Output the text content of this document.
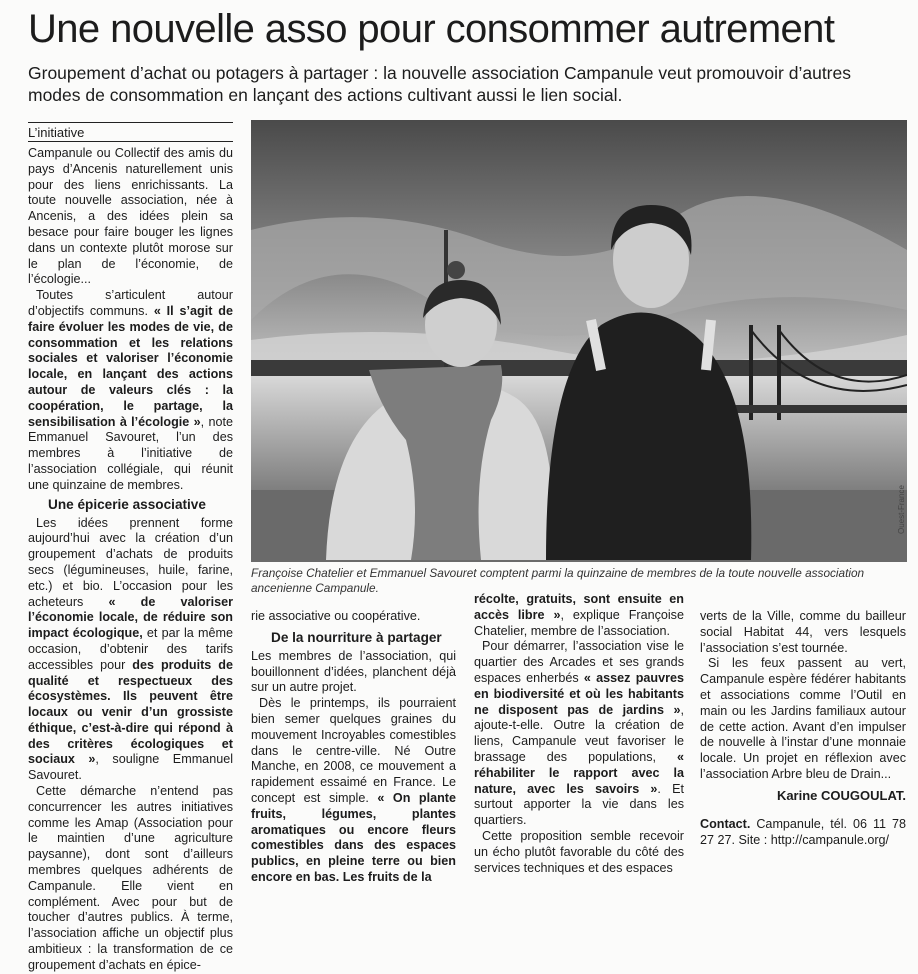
Une nouvelle asso pour consommer autrement

Groupement d’achat ou potagers à partager : la nouvelle association Campanule veut promouvoir d’autres modes de consommation en lançant des actions cultivant aussi le lien social.

L’initiative

Campanule ou Collectif des amis du pays d’Ancenis naturellement unis pour des liens enrichissants. La toute nouvelle association, née à Ancenis, a des idées plein sa besace pour faire bouger les lignes dans un contexte plutôt morose sur le plan de l’économie, de l’écologie...

Toutes s’articulent autour d’objectifs communs. « Il s’agit de faire évoluer les modes de vie, de consommation et les relations sociales et valoriser l’économie locale, en lançant des actions autour de valeurs clés : la coopération, le partage, la sensibilisation à l’écologie », note Emmanuel Savouret, l’un des membres à l’initiative de l’association collégiale, qui réunit une quinzaine de membres.

Une épicerie associative

Les idées prennent forme aujourd’hui avec la création d’un groupement d’achats de produits secs (légumineuses, huile, farine, etc.) et bio. L’occasion pour les acheteurs « de valoriser l’économie locale, de réduire son impact écologique, et par la même occasion, d’obtenir des tarifs accessibles pour des produits de qualité et respectueux des écosystèmes. Ils peuvent être locaux ou venir d’un grossiste éthique, c’est-à-dire qui répond à des critères écologiques et sociaux », souligne Emmanuel Savouret.

Cette démarche n’entend pas concurrencer les autres initiatives comme les Amap (Association pour le maintien d’une agriculture paysanne), dont sont d’ailleurs membres quelques adhérents de Campanule. Elle vient en complément. Avec pour but de toucher d’autres publics. À terme, l’association affiche un objectif plus ambitieux : la transformation de ce groupement d’achats en épice-

Ouest-France
Françoise Chatelier et Emmanuel Savouret comptent parmi la quinzaine de membres de la toute nouvelle association ancenienne Campanule.

rie associative ou coopérative.

De la nourriture à partager

Les membres de l’association, qui bouillonnent d’idées, planchent déjà sur un autre projet.

Dès le printemps, ils pourraient bien semer quelques graines du mouvement Incroyables comestibles dans le centre-ville. Né Outre Manche, en 2008, ce mouvement a rapidement essaimé en France. Le concept est simple. « On plante fruits, légumes, plantes aromatiques ou encore fleurs comestibles dans des espaces publics, en pleine terre ou bien encore en bas. Les fruits de la

récolte, gratuits, sont ensuite en accès libre », explique Françoise Chatelier, membre de l’association.

Pour démarrer, l’association vise le quartier des Arcades et ses grands espaces enherbés « assez pauvres en biodiversité et où les habitants ne disposent pas de jardins », ajoute-t-elle. Outre la création de liens, Campanule veut favoriser le brassage des populations, « réhabiliter le rapport avec la nature, avec les savoirs ». Et surtout apporter la vie dans les quartiers.

Cette proposition semble recevoir un écho plutôt favorable du côté des services techniques et des espaces

verts de la Ville, comme du bailleur social Habitat 44, vers lesquels l’association s’est tournée.

Si les feux passent au vert, Campanule espère fédérer habitants et associations comme l’Outil en main ou les Jardins familiaux autour de cette action. Avant d’en impulser de nouvelle à l’instar d’une monnaie locale. Un projet en réflexion avec l’association Arbre bleu de Drain...

Karine COUGOULAT.
Contact. Campanule, tél. 06 11 78 27 27. Site : http://campanule.org/
